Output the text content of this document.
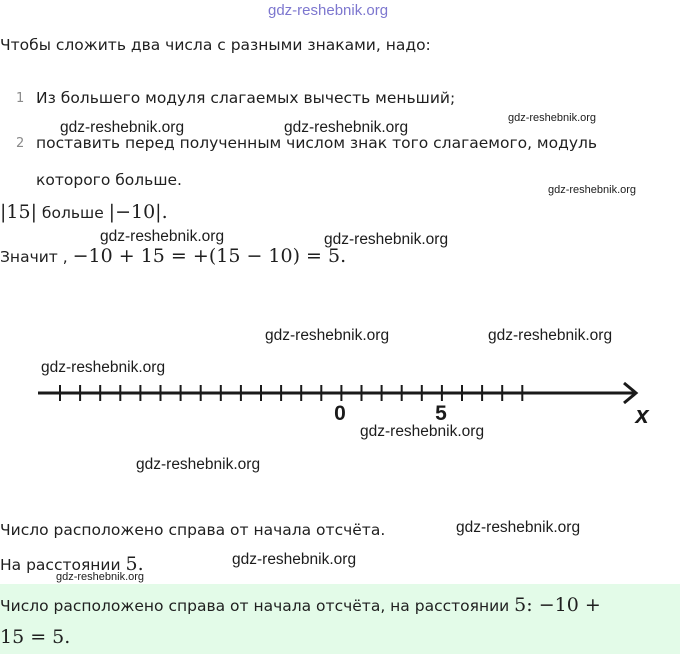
gdz-reshebnik.org
gdz-reshebnik.org	gdz-reshebnik.org
gdz-reshebnik.org
gdz-reshebnik.org
gdz-reshebnik.org	gdz-reshebnik.org
gdz-reshebnik.org	gdz-reshebnik.org
gdz-reshebnik.org
gdz-reshebnik.org
gdz-reshebnik.org
gdz-reshebnik.org
gdz-reshebnik.org
Чтобы сложить два числа с разными знаками, надо:
1 Из большего модуля слагаемых вычесть меньший;
2 поставить перед полученным числом знак того слагаемого, модуль
которого больше.
|15| больше |−10|.
Значит , −10 + 15 = +(15 − 10) = 5.
0	5	x
Число расположено справа от начала отсчёта.
На расстоянии 5.
gdz-reshebnik.org
Число расположено справа от начала отсчёта, на расстоянии 5: −10 +
15 = 5.
